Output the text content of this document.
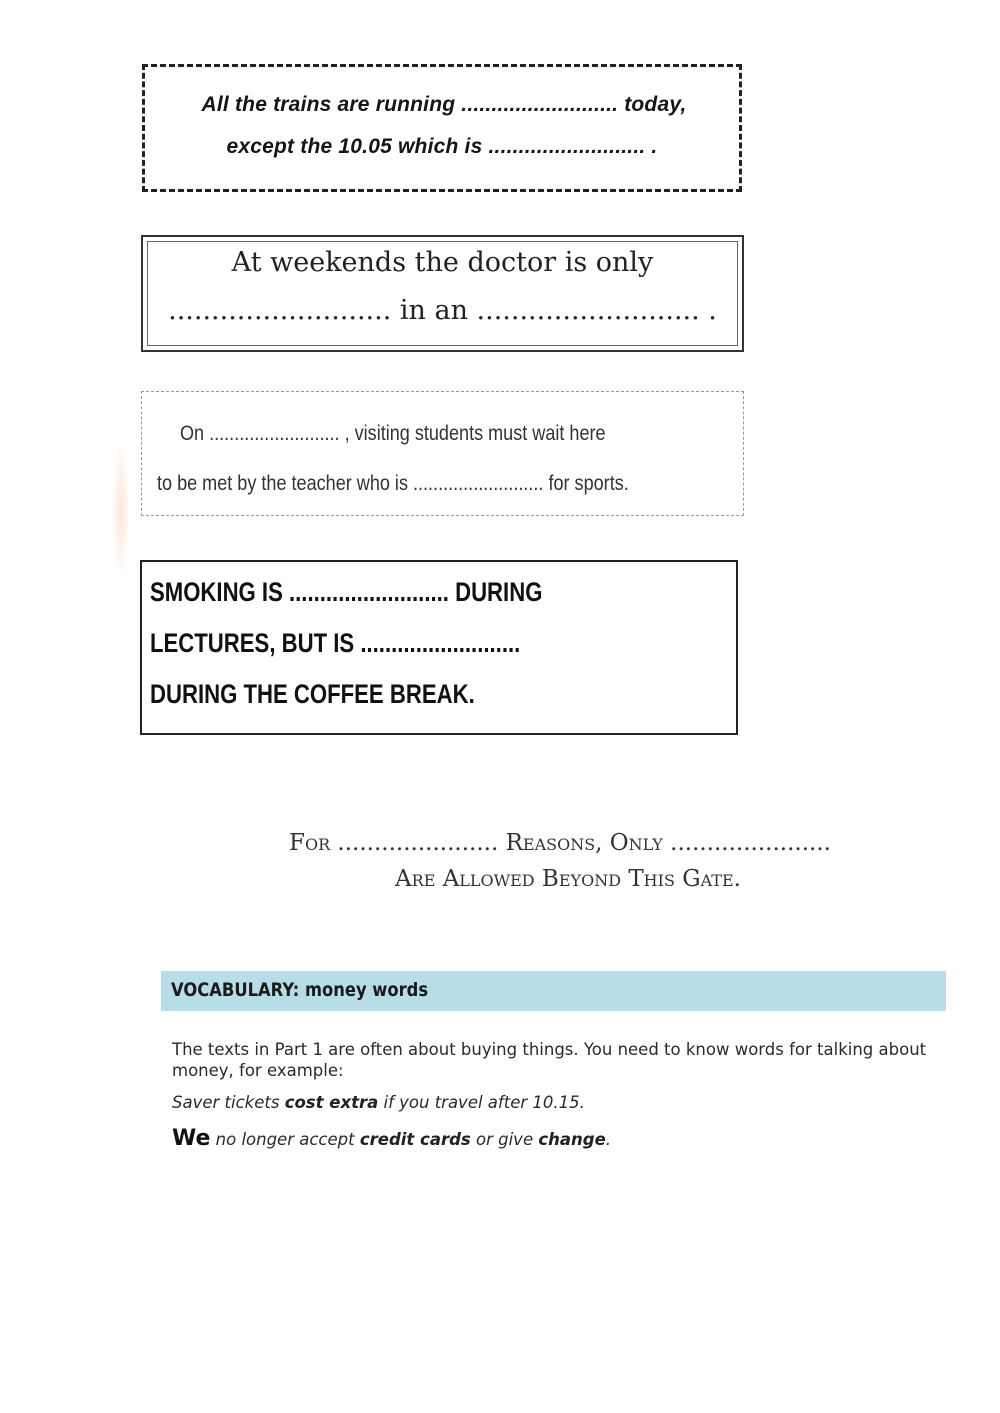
All the trains are running .......................... today,
except the 10.05 which is .......................... .
At weekends the doctor is only
.......................... in an .......................... .
On .......................... , visiting students must wait here
to be met by the teacher who is .......................... for sports.
SMOKING IS .......................... DURING
LECTURES, BUT IS ..........................
DURING THE COFFEE BREAK.
For ...................... Reasons, Only ......................
Are Allowed Beyond This Gate.
VOCABULARY: money words
The texts in Part 1 are often about buying things. You need to know words for talking about money, for example:
Saver tickets cost extra if you travel after 10.15.
We no longer accept credit cards or give change.
